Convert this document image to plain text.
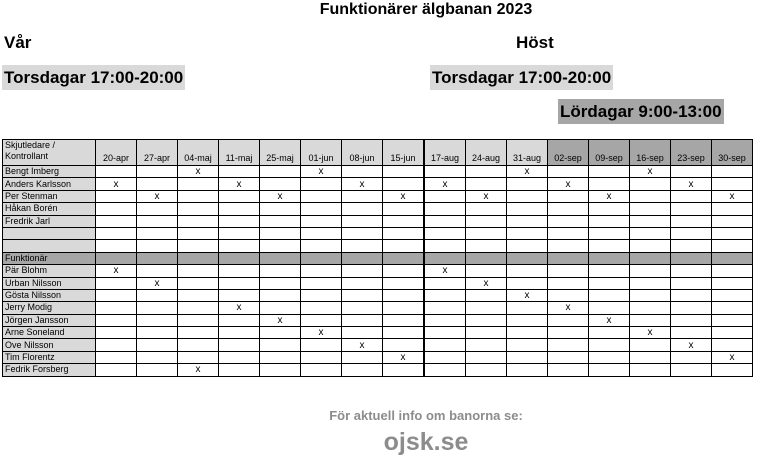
Funktionärer älgbanan 2023
Vår	Höst
Torsdagar 17:00-20:00	Torsdagar 17:00-20:00
Lördagar 9:00-13:00
Skjutledare / Kontrollant	20-apr	27-apr	04-maj	11-maj	25-maj	01-jun	08-jun	15-jun	17-aug	24-aug	31-aug	02-sep	09-sep	16-sep	23-sep	30-sep
Bengt Imberg			x			x					x			x		
Anders Karlsson	x			x			x		x			x			x	
Per Stenman		x			x			x		x			x			x
Håkan Borén																
Fredrik Jarl																

Funktionär																
Pär Blohm	x								x							
Urban Nilsson		x								x						
Gösta Nilsson											x					
Jerry Modig				x								x				
Jörgen Jansson					x								x			
Arne Soneland						x								x		
Ove Nilsson							x								x	
Tim Florentz								x								x
Fedrik Forsberg			x													
För aktuell info om banorna se:
ojsk.se
